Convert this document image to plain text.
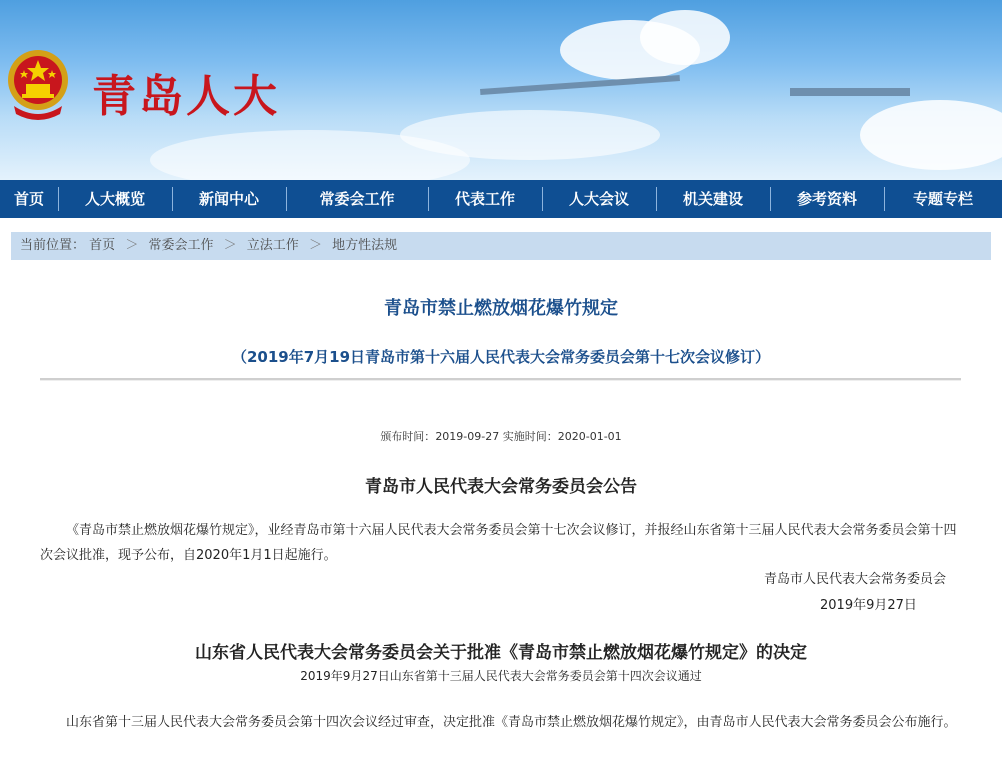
青岛人大
首页	人大概览	新闻中心	常委会工作	代表工作	人大会议	机关建设	参考资料	专题专栏
当前位置： 首页 ＞ 常委会工作 ＞ 立法工作 ＞ 地方性法规
青岛市禁止燃放烟花爆竹规定
（2019年7月19日青岛市第十六届人民代表大会常务委员会第十七次会议修订）
颁布时间：2019-09-27 实施时间：2020-01-01
青岛市人民代表大会常务委员会公告
《青岛市禁止燃放烟花爆竹规定》，业经青岛市第十六届人民代表大会常务委员会第十七次会议修订，并报经山东省第十三届人民代表大会常务委员会第十四次会议批准，现予公布，自2020年1月1日起施行。
青岛市人民代表大会常务委员会
2019年9月27日
山东省人民代表大会常务委员会关于批准《青岛市禁止燃放烟花爆竹规定》的决定
2019年9月27日山东省第十三届人民代表大会常务委员会第十四次会议通过
山东省第十三届人民代表大会常务委员会第十四次会议经过审查，决定批准《青岛市禁止燃放烟花爆竹规定》，由青岛市人民代表大会常务委员会公布施行。
